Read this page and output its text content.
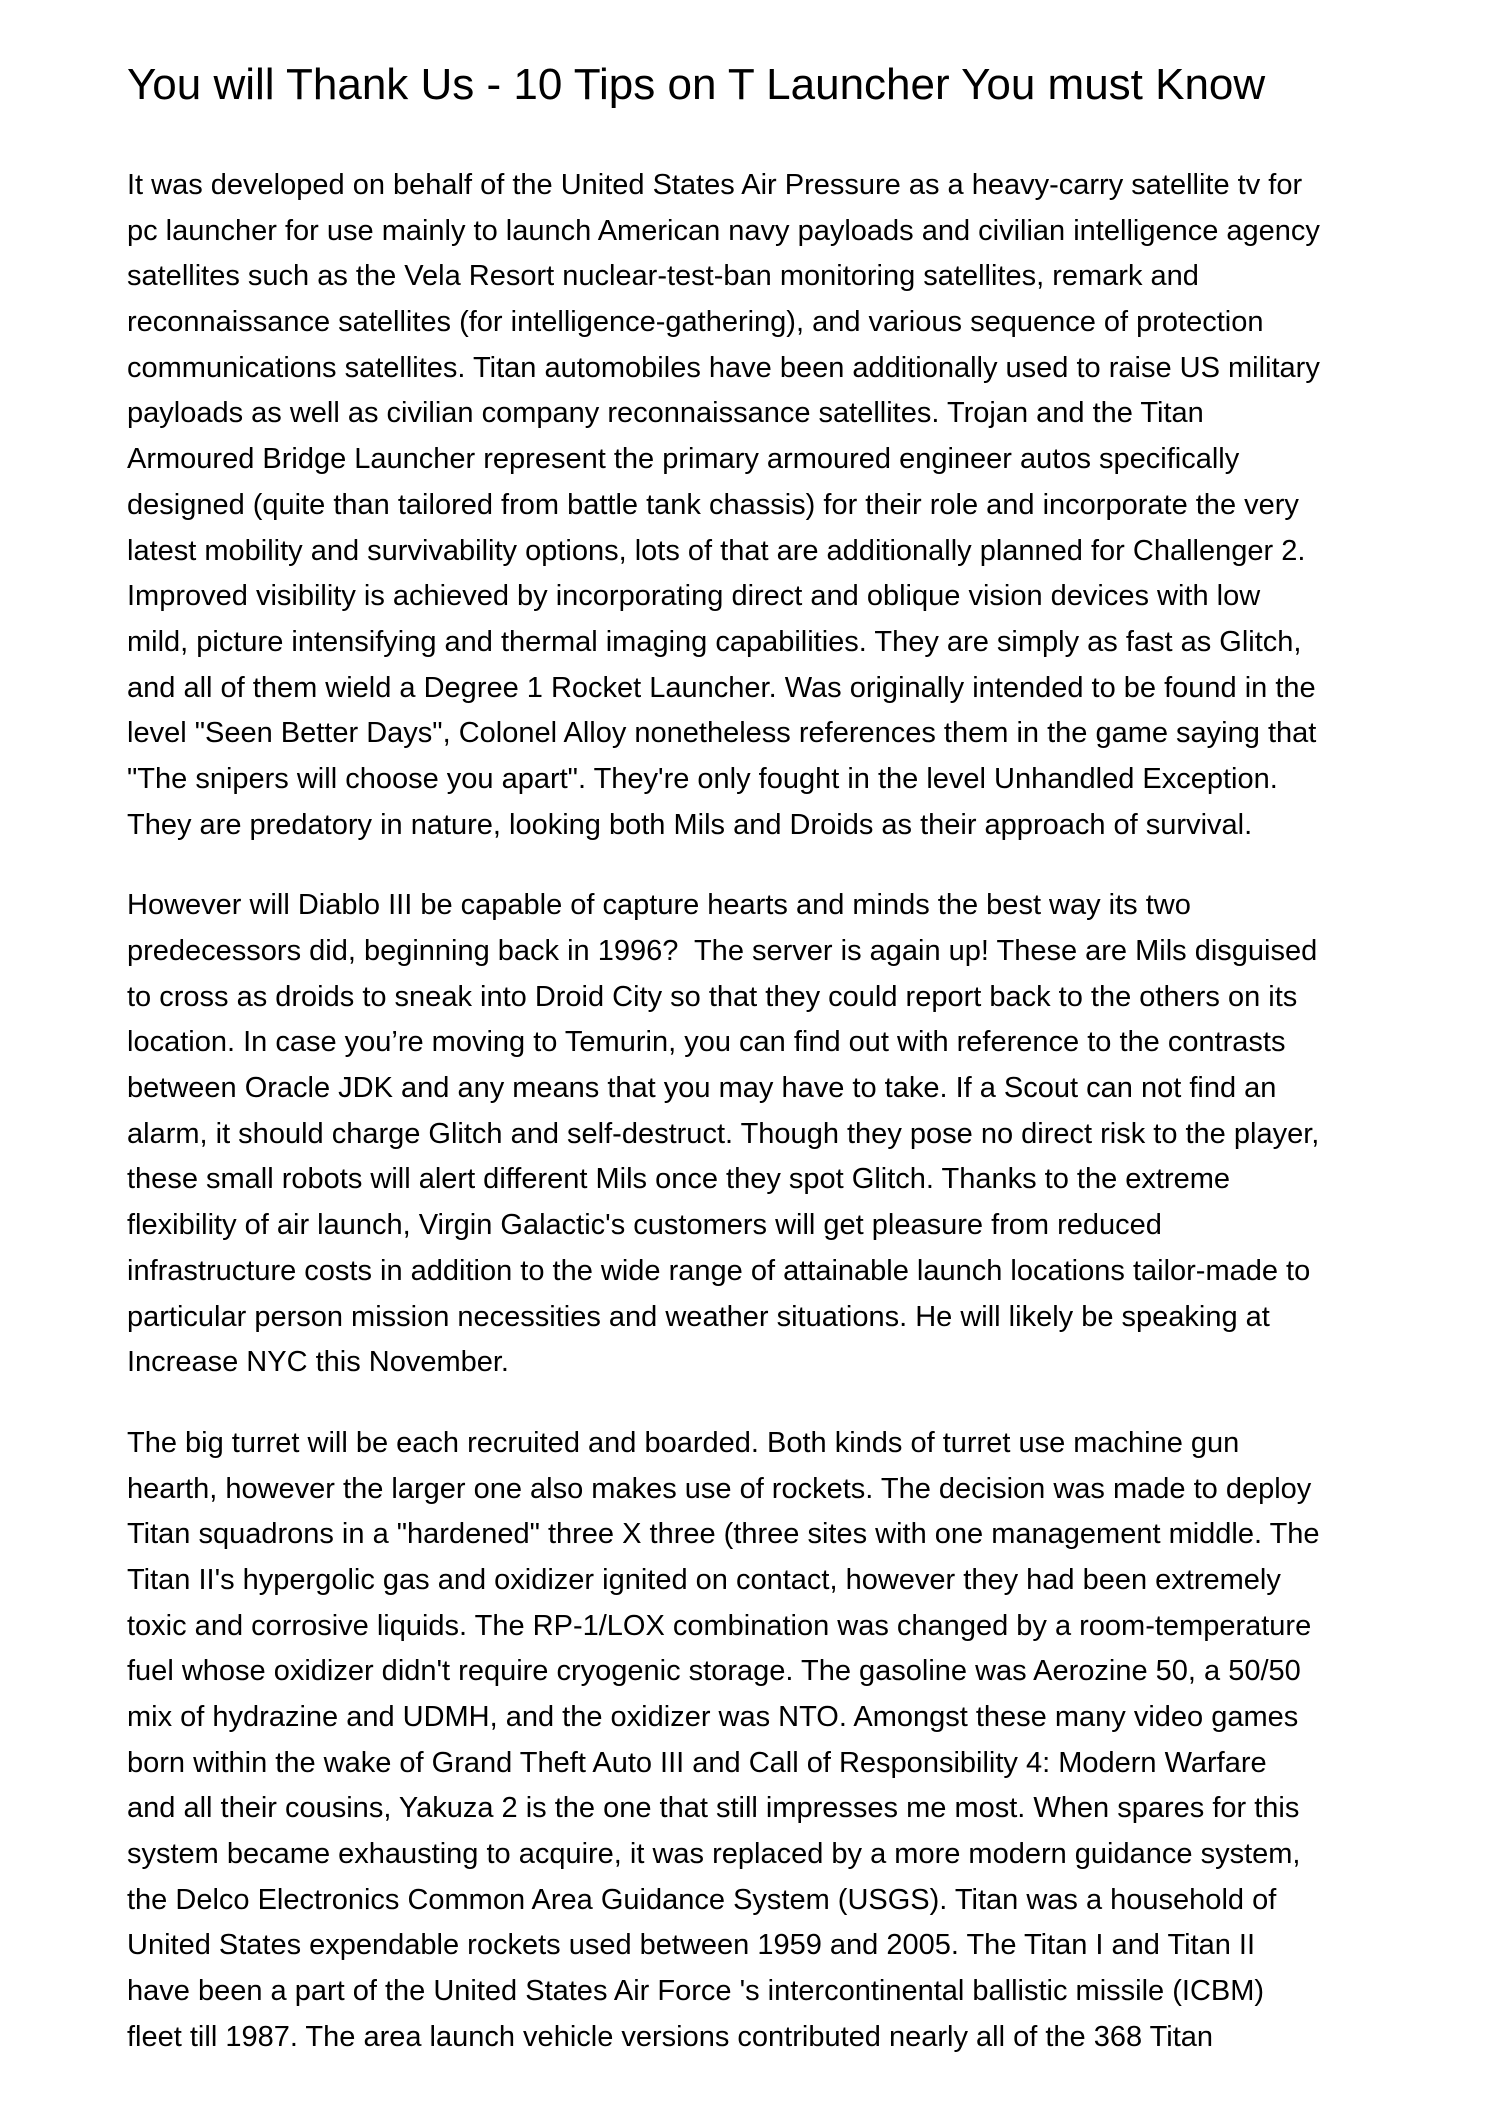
You will Thank Us - 10 Tips on T Launcher You must Know
It was developed on behalf of the United States Air Pressure as a heavy-carry satellite tv for
pc launcher for use mainly to launch American navy payloads and civilian intelligence agency
satellites such as the Vela Resort nuclear-test-ban monitoring satellites, remark and
reconnaissance satellites (for intelligence-gathering), and various sequence of protection
communications satellites. Titan automobiles have been additionally used to raise US military
payloads as well as civilian company reconnaissance satellites. Trojan and the Titan
Armoured Bridge Launcher represent the primary armoured engineer autos specifically
designed (quite than tailored from battle tank chassis) for their role and incorporate the very
latest mobility and survivability options, lots of that are additionally planned for Challenger 2.
Improved visibility is achieved by incorporating direct and oblique vision devices with low
mild, picture intensifying and thermal imaging capabilities. They are simply as fast as Glitch,
and all of them wield a Degree 1 Rocket Launcher. Was originally intended to be found in the
level "Seen Better Days", Colonel Alloy nonetheless references them in the game saying that
"The snipers will choose you apart". They're only fought in the level Unhandled Exception.
They are predatory in nature, looking both Mils and Droids as their approach of survival.
However will Diablo III be capable of capture hearts and minds the best way its two
predecessors did, beginning back in 1996?  The server is again up! These are Mils disguised
to cross as droids to sneak into Droid City so that they could report back to the others on its
location. In case you’re moving to Temurin, you can find out with reference to the contrasts
between Oracle JDK and any means that you may have to take. If a Scout can not find an
alarm, it should charge Glitch and self-destruct. Though they pose no direct risk to the player,
these small robots will alert different Mils once they spot Glitch. Thanks to the extreme
flexibility of air launch, Virgin Galactic's customers will get pleasure from reduced
infrastructure costs in addition to the wide range of attainable launch locations tailor-made to
particular person mission necessities and weather situations. He will likely be speaking at
Increase NYC this November.
The big turret will be each recruited and boarded. Both kinds of turret use machine gun
hearth, however the larger one also makes use of rockets. The decision was made to deploy
Titan squadrons in a "hardened" three X three (three sites with one management middle. The
Titan II's hypergolic gas and oxidizer ignited on contact, however they had been extremely
toxic and corrosive liquids. The RP-1/LOX combination was changed by a room-temperature
fuel whose oxidizer didn't require cryogenic storage. The gasoline was Aerozine 50, a 50/50
mix of hydrazine and UDMH, and the oxidizer was NTO. Amongst these many video games
born within the wake of Grand Theft Auto III and Call of Responsibility 4: Modern Warfare
and all their cousins, Yakuza 2 is the one that still impresses me most. When spares for this
system became exhausting to acquire, it was replaced by a more modern guidance system,
the Delco Electronics Common Area Guidance System (USGS). Titan was a household of
United States expendable rockets used between 1959 and 2005. The Titan I and Titan II
have been a part of the United States Air Force 's intercontinental ballistic missile (ICBM)
fleet till 1987. The area launch vehicle versions contributed nearly all of the 368 Titan
